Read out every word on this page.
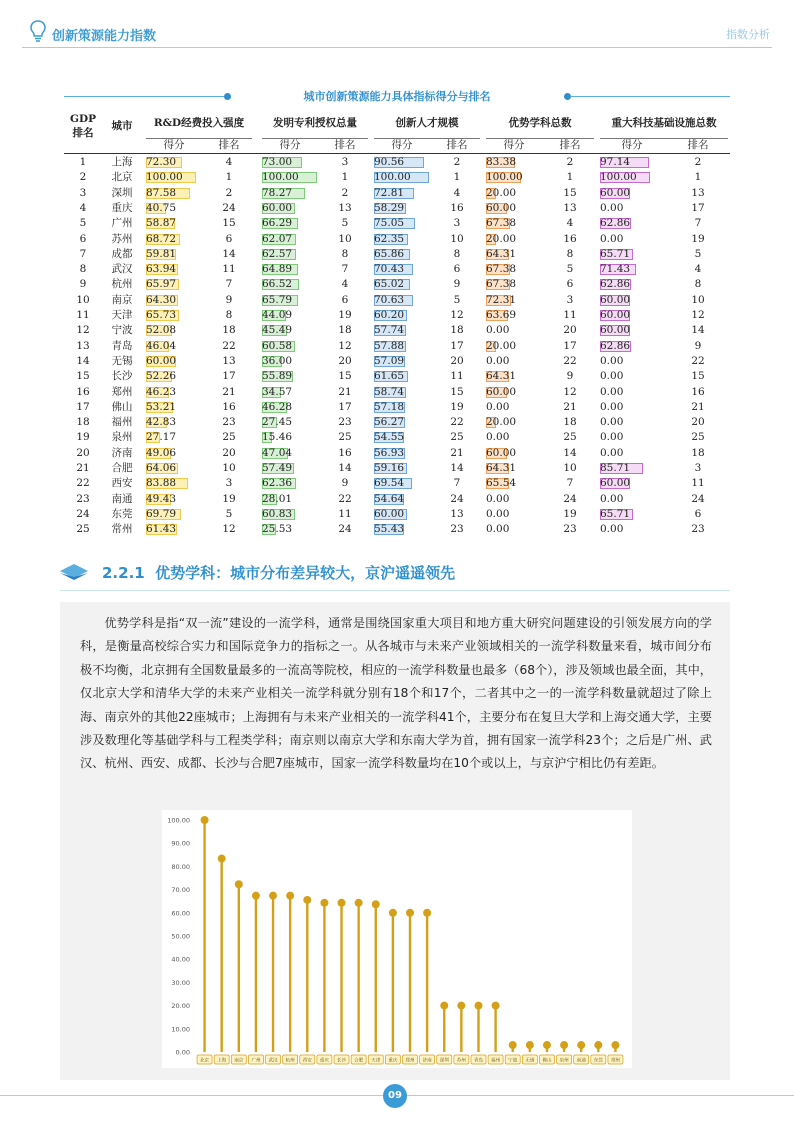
创新策源能力指数	指数分析
城市创新策源能力具体指标得分与排名
GDP
排名
城市	R&D经费投入强度
得分	排名
发明专利授权总量
得分	排名
创新人才规模
得分	排名
优势学科总数
得分	排名
重大科技基础设施总数
得分	排名
1	上海	72.30	4	73.00	3	90.56	2	83.38	2	97.14	2
2	北京	100.00	1	100.00	1	100.00	1	100.00	1	100.00	1
3	深圳	87.58	2	78.27	2	72.81	4	20.00	15	60.00	13
4	重庆	40.75	24	60.00	13	58.29	16	60.00	13	0.00	17
5	广州	58.87	15	66.29	5	75.05	3	67.38	4	62.86	7
6	苏州	68.72	6	62.07	10	62.35	10	20.00	16	0.00	19
7	成都	59.81	14	62.57	8	65.86	8	64.31	8	65.71	5
8	武汉	63.94	11	64.89	7	70.43	6	67.38	5	71.43	4
9	杭州	65.97	7	66.52	4	65.02	9	67.38	6	62.86	8
10	南京	64.30	9	65.79	6	70.63	5	72.31	3	60.00	10
11	天津	65.73	8	44.09	19	60.20	12	63.69	11	60.00	12
12	宁波	52.08	18	45.49	18	57.74	18	0.00	20	60.00	14
13	青岛	46.04	22	60.58	12	57.88	17	20.00	17	62.86	9
14	无锡	60.00	13	36.00	20	57.09	20	0.00	22	0.00	22
15	长沙	52.26	17	55.89	15	61.65	11	64.31	9	0.00	15
16	郑州	46.23	21	34.57	21	58.74	15	60.00	12	0.00	16
17	佛山	53.21	16	46.28	17	57.18	19	0.00	21	0.00	21
18	福州	42.83	23	27.45	23	56.27	22	20.00	18	0.00	20
19	泉州	27.17	25	15.46	25	54.55	25	0.00	25	0.00	25
20	济南	49.06	20	47.04	16	56.93	21	60.00	14	0.00	18
21	合肥	64.06	10	57.49	14	59.16	14	64.31	10	85.71	3
22	西安	83.88	3	62.36	9	69.54	7	65.54	7	60.00	11
23	南通	49.43	19	28.01	22	54.64	24	0.00	24	0.00	24
24	东莞	69.79	5	60.83	11	60.00	13	0.00	19	65.71	6
25	常州	61.43	12	25.53	24	55.43	23	0.00	23	0.00	23
2.2.1 优势学科：城市分布差异较大，京沪遥遥领先
优势学科是指“双一流”建设的一流学科，通常是围绕国家重大项目和地方重大研究问题建设的引领发展方向的学科，是衡量高校综合实力和国际竞争力的指标之一。从各城市与未来产业领域相关的一流学科数量来看，城市间分布极不均衡，北京拥有全国数量最多的一流高等院校，相应的一流学科数量也最多（68个），涉及领域也最全面，其中，仅北京大学和清华大学的未来产业相关一流学科就分别有18个和17个，二者其中之一的一流学科数量就超过了除上海、南京外的其他22座城市；上海拥有与未来产业相关的一流学科41个，主要分布在复旦大学和上海交通大学，主要涉及数理化等基础学科与工程类学科；南京则以南京大学和东南大学为首，拥有国家一流学科23个；之后是广州、武汉、杭州、西安、成都、长沙与合肥7座城市，国家一流学科数量均在10个或以上，与京沪宁相比仍有差距。
0.00
10.00
20.00
30.00
40.00
50.00
60.00
70.00
80.00
90.00
100.00
北京 上海 南京 广州 武汉 杭州 西安 重庆 长沙 合肥 天津 重庆 郑州 济南 深圳 苏州 青岛 福州 宁波 无锡 佛山 泉州 南通 东莞 常州
09
